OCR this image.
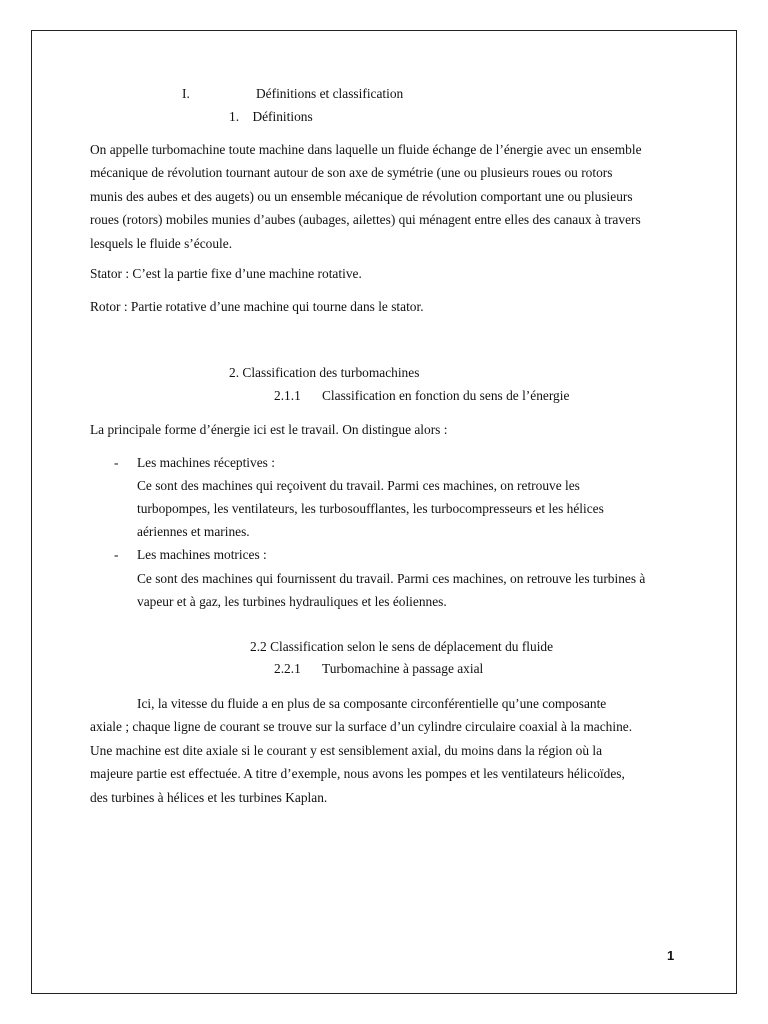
I.	Définitions et classification
1. Définitions
On appelle turbomachine toute machine dans laquelle un fluide échange de l’énergie avec un ensemble
mécanique de révolution tournant autour de son axe de symétrie (une ou plusieurs roues ou rotors
munis des aubes et des augets) ou un ensemble mécanique de révolution comportant une ou plusieurs
roues (rotors) mobiles munies d’aubes (aubages, ailettes) qui ménagent entre elles des canaux à travers
lesquels le fluide s’écoule.
Stator : C’est la partie fixe d’une machine rotative.
Rotor : Partie rotative d’une machine qui tourne dans le stator.
2. Classification des turbomachines
2.1.1 Classification en fonction du sens de l’énergie
La principale forme d’énergie ici est le travail. On distingue alors :
- Les machines réceptives :
Ce sont des machines qui reçoivent du travail. Parmi ces machines, on retrouve les
turbopompes, les ventilateurs, les turbosoufflantes, les turbocompresseurs et les hélices
aériennes et marines.
- Les machines motrices :
Ce sont des machines qui fournissent du travail. Parmi ces machines, on retrouve les turbines à
vapeur et à gaz, les turbines hydrauliques et les éoliennes.
2.2 Classification selon le sens de déplacement du fluide
2.2.1 Turbomachine à passage axial
Ici, la vitesse du fluide a en plus de sa composante circonférentielle qu’une composante
axiale ; chaque ligne de courant se trouve sur la surface d’un cylindre circulaire coaxial à la machine.
Une machine est dite axiale si le courant y est sensiblement axial, du moins dans la région où la
majeure partie est effectuée. A titre d’exemple, nous avons les pompes et les ventilateurs hélicoïdes,
des turbines à hélices et les turbines Kaplan.
1
